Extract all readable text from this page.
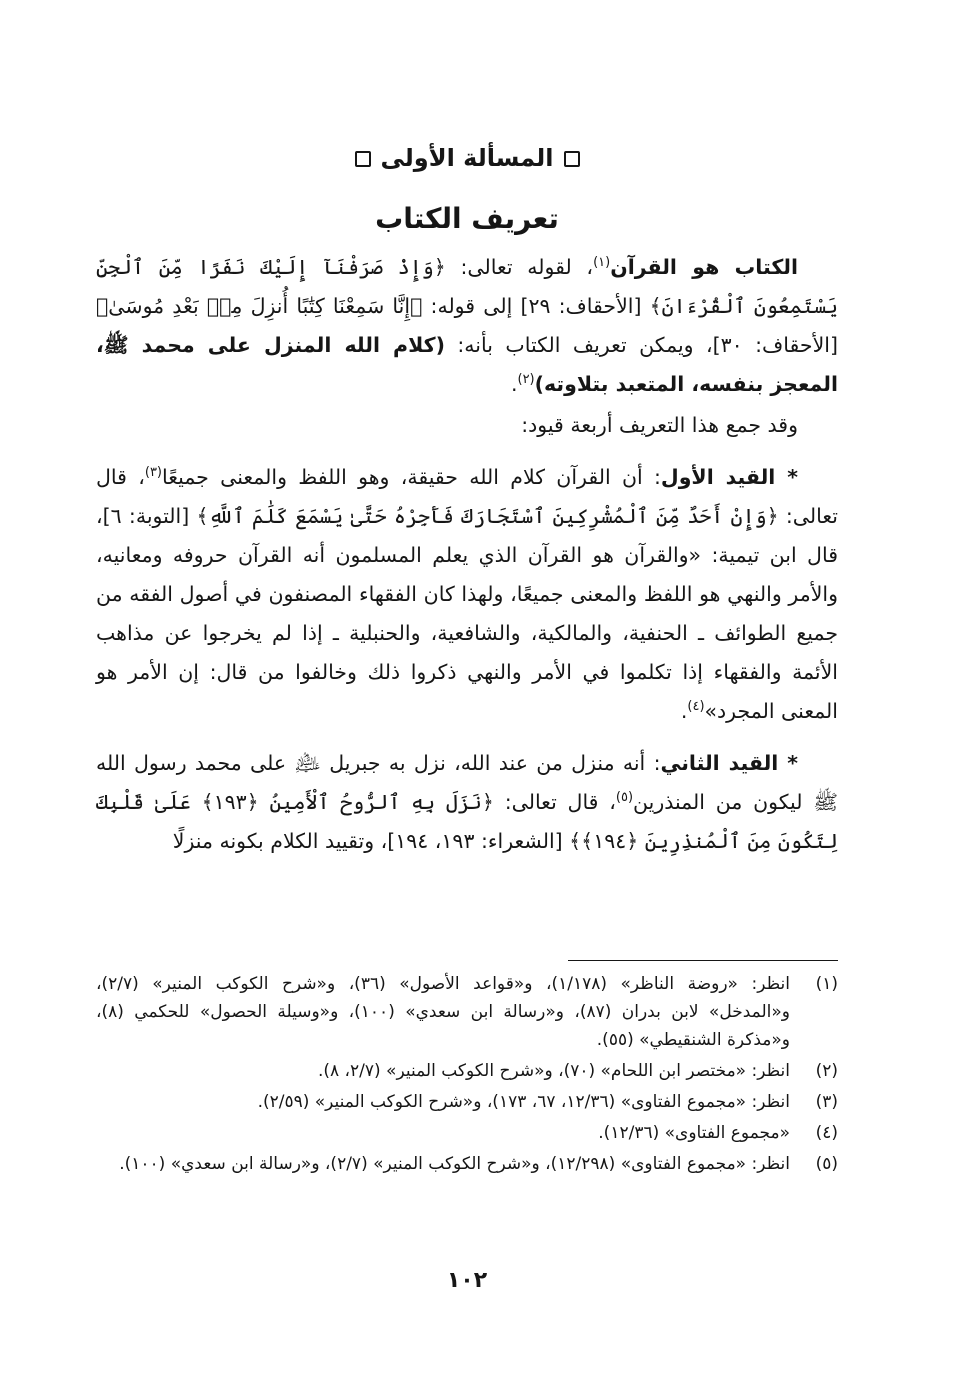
المسألة الأولى
تعريف الكتاب

الكتاب هو القرآن$^{(١)}$، لقوله تعالى: ﴿وَإِذْ صَرَفْنَآ إِلَيْكَ نَفَرًا مِّنَ ٱلْجِنِّ يَسْتَمِعُونَ ٱلْقُرْءَانَ﴾ [الأحقاف: ٢٩] إلى قوله: ﴿إِنَّا سَمِعْنَا كِتَٰبًا أُنزِلَ مِنۢ بَعْدِ مُوسَىٰ﴾ [الأحقاف: ٣٠]، ويمكن تعريف الكتاب بأنه: (كلام الله المنزل على محمد ﷺ، المعجز بنفسه، المتعبد بتلاوته)$^{(٢)}$.

وقد جمع هذا التعريف أربعة قيود:

* القيد الأول: أن القرآن كلام الله حقيقة، وهو اللفظ والمعنى جميعًا$^{(٣)}$، قال تعالى: ﴿وَإِنْ أَحَدٌ مِّنَ ٱلْمُشْرِكِينَ ٱسْتَجَارَكَ فَأَجِرْهُ حَتَّىٰ يَسْمَعَ كَلَٰمَ ٱللَّهِ﴾ [التوبة: ٦]، قال ابن تيمية: «والقرآن هو القرآن الذي يعلم المسلمون أنه القرآن حروفه ومعانيه، والأمر والنهي هو اللفظ والمعنى جميعًا، ولهذا كان الفقهاء المصنفون في أصول الفقه من جميع الطوائف ـ الحنفية، والمالكية، والشافعية، والحنبلية ـ إذا لم يخرجوا عن مذاهب الأئمة والفقهاء إذا تكلموا في الأمر والنهي ذكروا ذلك وخالفوا من قال: إن الأمر هو المعنى المجرد»$^{(٤)}$.

* القيد الثاني: أنه منزل من عند الله، نزل به جبريل ﵇ على محمد رسول الله ﷺ ليكون من المنذرين$^{(٥)}$، قال تعالى: ﴿نَزَلَ بِهِ ٱلرُّوحُ ٱلْأَمِينُ ﴿١٩٣﴾ عَلَىٰ قَلْبِكَ لِتَكُونَ مِنَ ٱلْمُنذِرِينَ ﴿١٩٤﴾﴾ [الشعراء: ١٩٣، ١٩٤]، وتقييد الكلام بكونه منزلًا

(١)انظر: «روضة الناظر» (١/١٧٨)، و«قواعد الأصول» (٣٦)، و«شرح الكوكب المنير» (٢/٧)، و«المدخل» لابن بدران (٨٧)، و«رسالة ابن سعدي» (١٠٠)، و«وسيلة الحصول» للحكمي (٨)، و«مذكرة الشنقيطي» (٥٥).

(٢)انظر: «مختصر ابن اللحام» (٧٠)، و«شرح الكوكب المنير» (٢/٧، ٨).

(٣)انظر: «مجموع الفتاوى» (١٢/٣٦، ٦٧، ١٧٣)، و«شرح الكوكب المنير» (٢/٥٩).

(٤)«مجموع الفتاوى» (١٢/٣٦).

(٥)انظر: «مجموع الفتاوى» (١٢/٢٩٨)، و«شرح الكوكب المنير» (٢/٧)، و«رسالة ابن سعدي» (١٠٠).

١٠٢
